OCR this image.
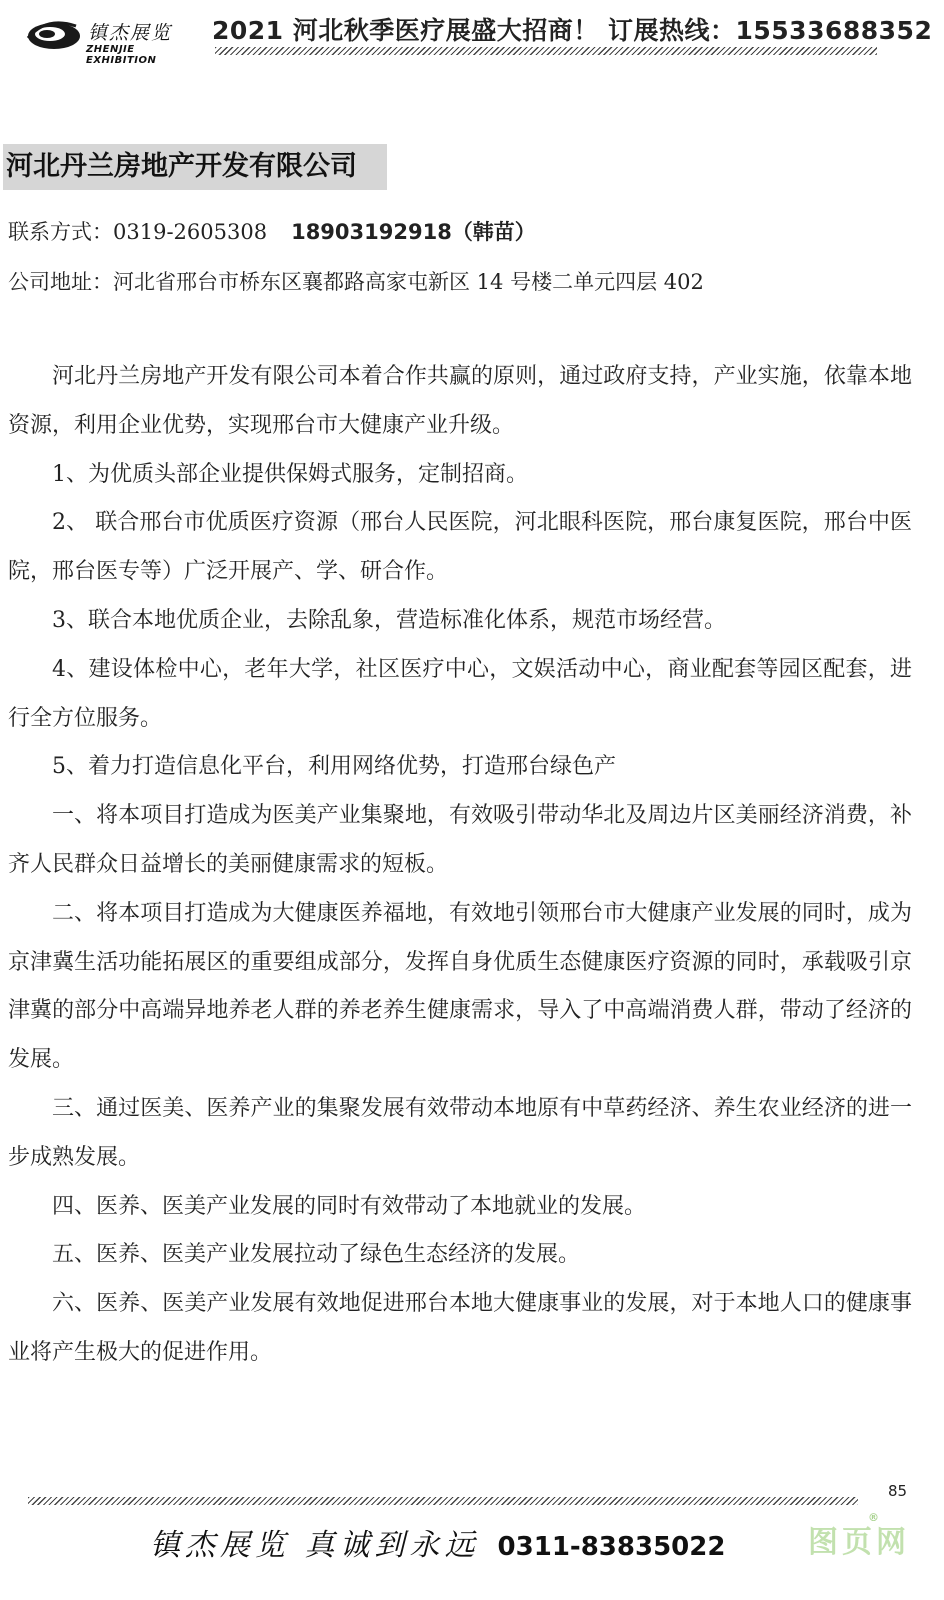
镇杰展览
ZHENJIE EXHIBITION
2021 河北秋季医疗展盛大招商！ 订展热线：15533688352
河北丹兰房地产开发有限公司
联系方式：0319-2605308 18903192918（韩苗）
公司地址：河北省邢台市桥东区襄都路高家屯新区 14 号楼二单元四层 402

河北丹兰房地产开发有限公司本着合作共赢的原则，通过政府支持，产业实施，依靠本地资源，利用企业优势，实现邢台市大健康产业升级。

1、为优质头部企业提供保姆式服务，定制招商。

2、 联合邢台市优质医疗资源（邢台人民医院，河北眼科医院，邢台康复医院，邢台中医院，邢台医专等）广泛开展产、学、研合作。

3、联合本地优质企业，去除乱象，营造标准化体系，规范市场经营。

4、建设体检中心，老年大学，社区医疗中心，文娱活动中心，商业配套等园区配套，进行全方位服务。

5、着力打造信息化平台，利用网络优势，打造邢台绿色产

一、将本项目打造成为医美产业集聚地，有效吸引带动华北及周边片区美丽经济消费，补齐人民群众日益增长的美丽健康需求的短板。

二、将本项目打造成为大健康医养福地，有效地引领邢台市大健康产业发展的同时，成为京津冀生活功能拓展区的重要组成部分，发挥自身优质生态健康医疗资源的同时，承载吸引京津冀的部分中高端异地养老人群的养老养生健康需求，导入了中高端消费人群，带动了经济的发展。

三、通过医美、医养产业的集聚发展有效带动本地原有中草药经济、养生农业经济的进一步成熟发展。

四、医养、医美产业发展的同时有效带动了本地就业的发展。

五、医养、医美产业发展拉动了绿色生态经济的发展。

六、医养、医美产业发展有效地促进邢台本地大健康事业的发展，对于本地人口的健康事业将产生极大的促进作用。

85
镇杰展览 真诚到永远 0311-83835022	图页网
®
